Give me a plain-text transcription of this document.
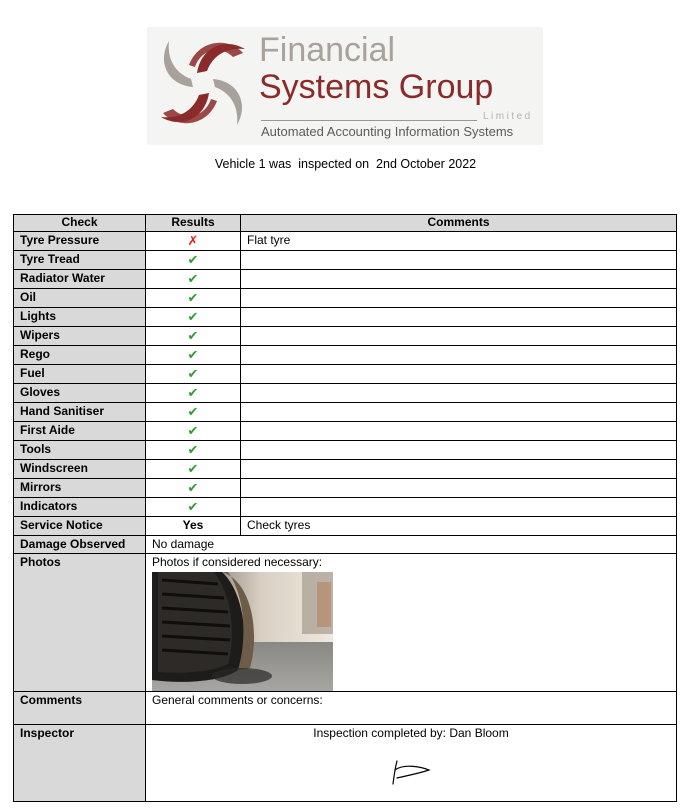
Financial
Systems Group
Limited
Automated Accounting Information Systems
Vehicle 1 was  inspected on  2nd October 2022
Check	Results	Comments
Tyre Pressure	✗	Flat tyre
Tyre Tread	✔	
Radiator Water	✔	
Oil	✔	
Lights	✔	
Wipers	✔	
Rego	✔	
Fuel	✔	
Gloves	✔	
Hand Sanitiser	✔	
First Aide	✔	
Tools	✔	
Windscreen	✔	
Mirrors	✔	
Indicators	✔	
Service Notice	Yes	Check tyres
Damage Observed	No damage	
Photos	Photos if considered necessary:	

Comments	General comments or concerns:	
Inspector	Inspection completed by: Dan Bloom	
